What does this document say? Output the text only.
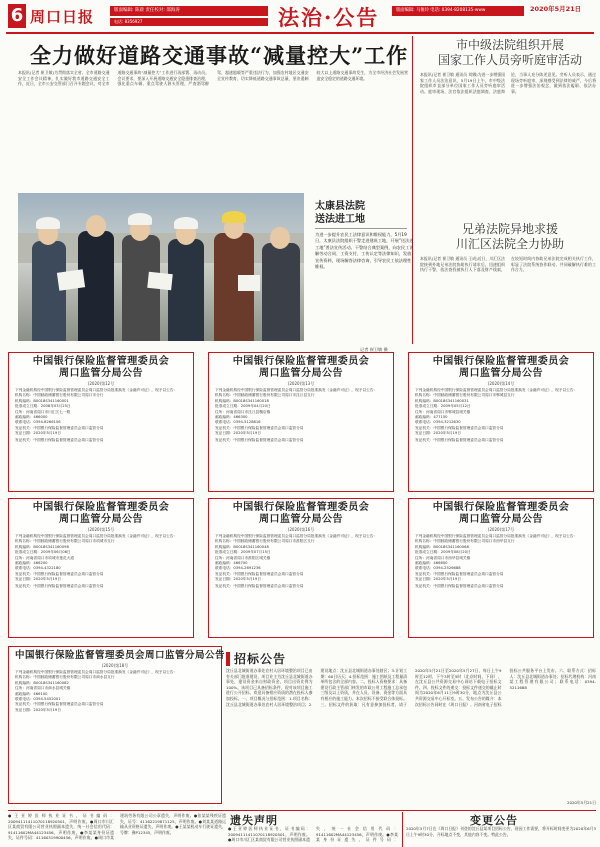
6 周口日报	版面编辑: 陈晨 责任校对: 邵海涛
电话: 8356927	法治·公告	版面编辑: 马俊玲 电话: 0394-8208135-www	2020年5月21日
全力做好道路交通事故“减量控大”工作
本报讯(记者 崔卫敏)为贯彻落实全省、全市道路交通安全工作会议精神，扎实做好我市道路交通安全工作，近日，全市公安交管部门召开专题会议，对全市道路交通事故“减量控大”工作进行再部署、再动员。会议要求，要深入开展道路交通安全隐患排查治理，强化重点车辆、重点驾驶人源头管理，严查酒驾醉驾、超速超载等严重违法行为，加强农村地区交通安全宣传教育，切实降低道路交通事故总量，坚决遏制较大以上道路交通事故发生，为全市经济社会发展营造安全稳定的道路交通环境。
市中级法院组织开展
国家工作人员旁听庭审活动
本报讯(记者 崔卫敏 通讯员 刘娜)为进一步增强国家工作人员法治意识，5月19日上午，市中级法院组织市直部分单位国家工作人员旁听庭审活动。庭审现场，法官依法组织法庭调查、法庭辩论，当事人充分陈述意见。旁听人员表示，通过现场旁听庭审，深刻感受到法律的威严，今后将进一步增强法治观念，做到依法履职、依法办事。
太康县法院
送法进工地
为进一步提升农民工法律意识和维权能力，5月19日，太康县法院组织干警走进建筑工地，开展“送法进工地”普法宣传活动。干警结合典型案例，向农民工讲解劳动合同、工资支付、工伤认定等法律知识，发放宣传资料，现场解答法律咨询，引导农民工依法理性维权。
记者 崔卫敏 摄
兄弟法院异地求援
川汇区法院全力协助
本报讯(记者 崔卫敏 通讯员 王成)近日，川汇区法院接到外地兄弟法院协助执行请求后，迅速组织执行干警，依法查找被执行人下落及财产线索，在较短时间内协助兄弟法院完成相关执行工作，彰显了法院系统协作联动、共同破解执行难的工作合力。
中国银行保险监督管理委员会
周口监管分局公告
(2020)第12号
下列金融机构经中国银行保险监督管理委员会周口监管分局批准换发《金融许可证》，现予以公告：
机构名称：中国邮政储蓄银行股份有限公司周口市分行
机构编码：B0018S341160001
批准成立日期：2008年03月25日
住所：河南省周口市川汇区七一路
邮政编码：466000
联系电话：0394-8266156
发证机关：中国银行保险监督管理委员会周口监管分局
发证日期：2020年5月19日
发证机关：中国银行保险监督管理委员会周口监管分局
中国银行保险监督管理委员会
周口监管分局公告
(2020)第13号
下列金融机构经中国银行保险监督管理委员会周口监管分局批准换发《金融许可证》，现予以公告：
机构名称：中国邮政储蓄银行股份有限公司周口市沈丘县支行
机构编码：B0018S341160018
批准成立日期：2009年04月20日
住所：河南省周口市沈丘县槐店镇
邮政编码：466300
联系电话：0394-5128816
发证机关：中国银行保险监督管理委员会周口监管分局
发证日期：2020年5月19日
发证机关：中国银行保险监督管理委员会周口监管分局
中国银行保险监督管理委员会
周口监管分局公告
(2020)第14号
下列金融机构经中国银行保险监督管理委员会周口监管分局批准换发《金融许可证》，现予以公告：
机构名称：中国邮政储蓄银行股份有限公司周口市郸城县支行
机构编码：B0018S341160031
批准成立日期：2009年05月12日
住所：河南省周口市郸城县城关镇
邮政编码：477150
联系电话：0394-3212630
发证机关：中国银行保险监督管理委员会周口监管分局
发证日期：2020年5月19日
发证机关：中国银行保险监督管理委员会周口监管分局
中国银行保险监督管理委员会
周口监管分局公告
(2020)第15号
下列金融机构经中国银行保险监督管理委员会周口监管分局批准换发《金融许可证》，现予以公告：
机构名称：中国邮政储蓄银行股份有限公司周口市项城市支行
机构编码：B0018S341160098
批准成立日期：2009年06月08日
住所：河南省周口市项城市莲花大道
邮政编码：466200
联系电话：0394-4322180
发证机关：中国银行保险监督管理委员会周口监管分局
发证日期：2020年5月19日
发证机关：中国银行保险监督管理委员会周口监管分局
中国银行保险监督管理委员会
周口监管分局公告
(2020)第16号
下列金融机构经中国银行保险监督管理委员会周口监管分局批准换发《金融许可证》，现予以公告：
机构名称：中国邮政储蓄银行股份有限公司周口市淮阳区支行
机构编码：B0018S341160048
批准成立日期：2009年07月15日
住所：河南省周口市淮阳区城关镇
邮政编码：466700
联系电话：0394-2691236
发证机关：中国银行保险监督管理委员会周口监管分局
发证日期：2020年5月19日
发证机关：中国银行保险监督管理委员会周口监管分局
中国银行保险监督管理委员会
周口监管分局公告
(2020)第17号
下列金融机构经中国银行保险监督管理委员会周口监管分局批准换发《金融许可证》，现予以公告：
机构名称：中国邮政储蓄银行股份有限公司周口市西华县支行
机构编码：B0018S341160068
批准成立日期：2009年08月20日
住所：河南省周口市西华县城关镇
邮政编码：466600
联系电话：0394-2526688
发证机关：中国银行保险监督管理委员会周口监管分局
发证日期：2020年5月19日
发证机关：中国银行保险监督管理委员会周口监管分局
中国银行保险监督管理委员会周口监管分局公告
(2020)第18号
下列金融机构经中国银行保险监督管理委员会周口监管分局批准换发《金融许可证》，现予以公告：
机构名称：中国邮政储蓄银行股份有限公司周口市商水县支行
机构编码：B0018S341160082
住所：河南省周口市商水县城关镇
邮政编码：466100
联系电话：0394-5452001
发证机关：中国银行保险监督管理委员会周口监管分局
发证日期：2020年5月19日
招标公告
沈丘县北城街道办事处农村人居环境整治项目已由有关部门批准建设，项目业主为沈丘县北城街道办事处，建设资金来自财政资金，项目出资比例为100%。该项目已具备招标条件，现对该项目施工进行公开招标，欢迎具备相应资质的潜在投标人参加投标。一、项目概况与招标范围：1.项目名称：沈丘县北城街道办事处农村人居环境整治项目；2.建设地点：沈丘县北城街道办事处辖区；3.计划工期：60日历天；4.招标范围：施工图纸及工程量清单所包含的全部内容。二、投标人资格要求：具备建设行政主管部门核发的市政公用工程施工总承包三级及以上资质，并在人员、设备、资金等方面具有相应的施工能力。本次招标不接受联合体投标。三、招标文件的获取：凡有意参加投标者，请于2020年5月21日至2020年5月27日，每日上午9时至12时，下午3时至5时（北京时间，下同），在沈丘县公共资源交易中心网站下载电子招标文件。四、投标文件的递交：投标文件递交的截止时间为2020年6月11日9时30分，地点为沈丘县公共资源交易中心开标室。五、发布公告的媒介：本次招标公告同时在《周口日报》、河南省电子招标投标公共服务平台上发布。六、联系方式：招标人：沈丘县北城街道办事处；招标代理机构：河南某工程管理有限公司；联系电话：0394-5211688
2020年5月21日
遗失声明
●王亚婷医师执业证书，证书编码：20094111411070118920501，声明作废。●周口市川汇区某商贸有限公司营业执照副本遗失，统一社会信用代码：91411602MA44123456，声明作废。●李某某身份证遗失，证件号码：41160319900456，声明作废。●周口市某建筑劳务有限公司公章遗失，声明作废。●张某某残疾证遗失，证号：41162219871125，声明作废。●刘某某道路运输从业资格证遗失，声明作废。●王某某机动车行驶证遗失，号牌：豫P12345，声明作废。
●王亚婷医师执业证书，证书编码：20094111411070118920501，声明作废。●周口市川汇区某商贸有限公司营业执照副本遗失，统一社会信用代码：91411602MA44123456，声明作废。●李某某身份证遗失，证件号码：
变更公告
2020年5月7日在《周口日报》刊登的沈丘县某项目招标公告，现因工作需要，将开标时间变更为2020年6月3日上午9时30分，开标地点不变，其他内容不变。特此公告。
